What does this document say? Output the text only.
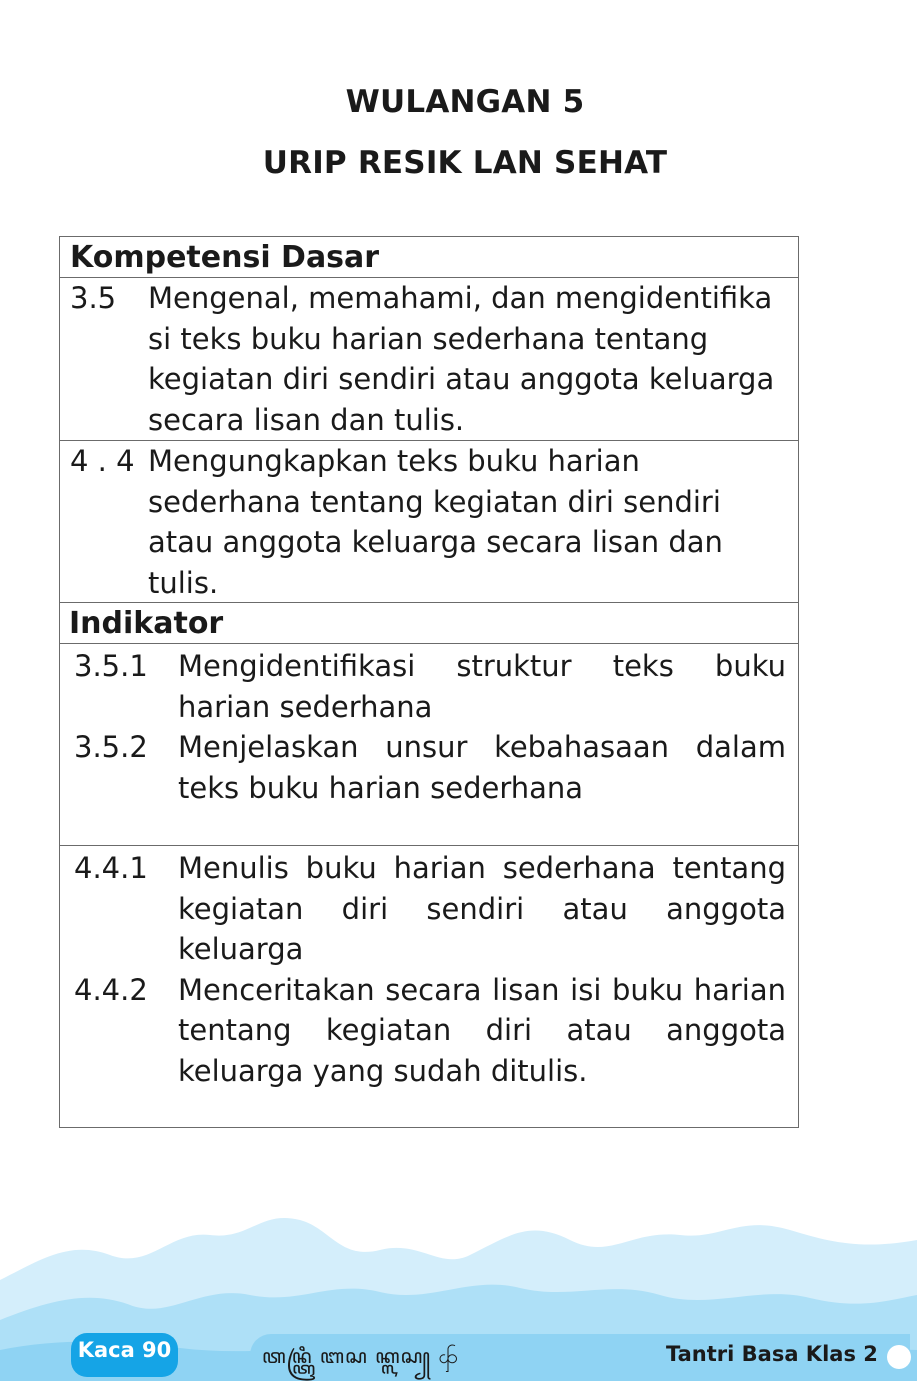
WULANGAN 5
URIP RESIK LAN SEHAT
Kompetensi Dasar
3.5 Mengenal, memahami, dan mengidentifika si teks buku harian sederhana tentang kegiatan diri sendiri atau anggota keluarga secara lisan dan tulis.
4 . 4 Mengungkapkan teks buku harian sederhana tentang kegiatan diri sendiri atau anggota keluarga secara lisan dan tulis.
Indikator
3.5.1 Mengidentifikasi struktur teks buku harian sederhana
3.5.2 Menjelaskan unsur kebahasaan dalam teks buku harian sederhana
4.4.1 Menulis buku harian sederhana tentang kegiatan diri sendiri atau anggota keluarga
4.4.2 Menceritakan secara lisan isi buku harian tentang kegiatan diri atau anggota keluarga yang sudah ditulis.
Kaca 90	ꦠꦤ꧀ꦠꦿꦶ ꦧꦱ ꦏ꧀ꦭꦱ꧀ ꧨ	Tantri Basa Klas 2
